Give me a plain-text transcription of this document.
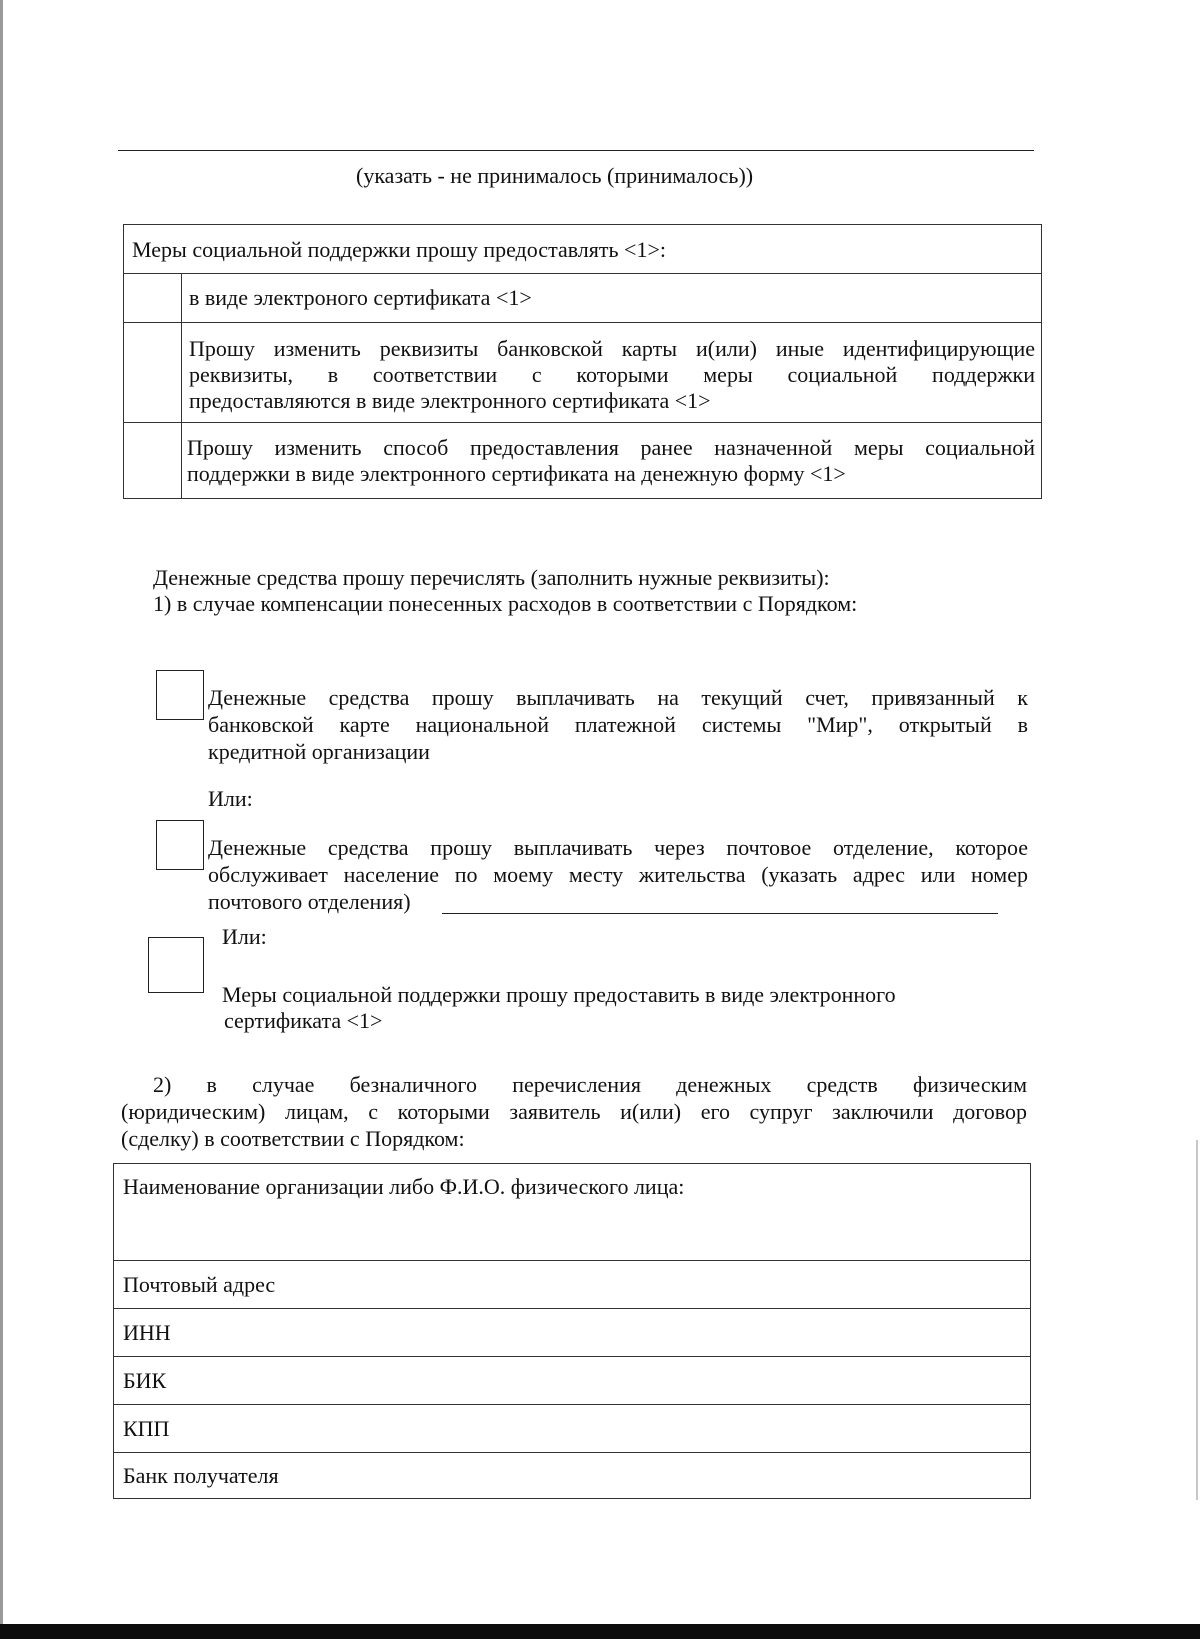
(указать - не принималось (принималось))
Меры социальной поддержки прошу предоставлять <1>:
в виде электроного сертификата <1>
Прошу изменить реквизиты банковской карты и(или) иные идентифицирующие
реквизиты, в соответствии с которыми меры социальной поддержки
предоставляются в виде электронного сертификата <1>
Прошу изменить способ предоставления ранее назначенной меры социальной
поддержки в виде электронного сертификата на денежную форму <1>
Денежные средства прошу перечислять (заполнить нужные реквизиты):
1) в случае компенсации понесенных расходов в соответствии с Порядком:
Денежные средства прошу выплачивать на текущий счет, привязанный к
банковской карте национальной платежной системы "Мир", открытый в
кредитной организации
Или:
Денежные средства прошу выплачивать через почтовое отделение, которое
обслуживает население по моему месту жительства (указать адрес или номер
почтового отделения)
Или:
Меры социальной поддержки прошу предоставить в виде электронного
сертификата <1>
2) в случае безналичного перечисления денежных средств физическим
(юридическим) лицам, с которыми заявитель и(или) его супруг заключили договор
(сделку) в соответствии с Порядком:
Наименование организации либо Ф.И.О. физического лица:
Почтовый адрес
ИНН
БИК
КПП
Банк получателя
